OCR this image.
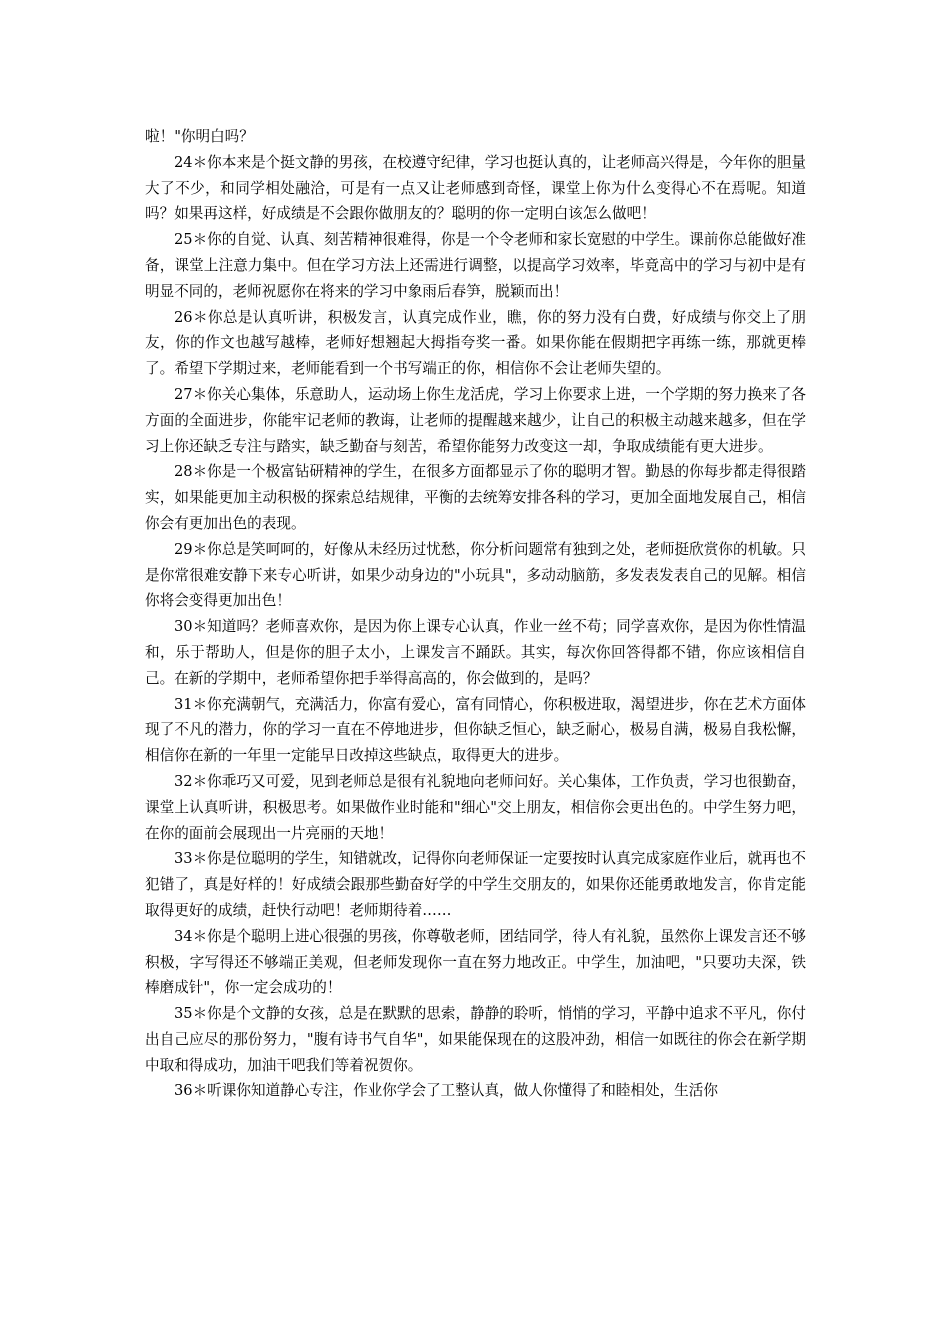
啦！"你明白吗？

24＊你本来是个挺文静的男孩，在校遵守纪律，学习也挺认真的，让老师高兴得是，今年你的胆量大了不少，和同学相处融洽，可是有一点又让老师感到奇怪，课堂上你为什么变得心不在焉呢。知道吗？如果再这样，好成绩是不会跟你做朋友的？聪明的你一定明白该怎么做吧！

25＊你的自觉、认真、刻苦精神很难得，你是一个令老师和家长宽慰的中学生。课前你总能做好准备，课堂上注意力集中。但在学习方法上还需进行调整，以提高学习效率，毕竟高中的学习与初中是有明显不同的，老师祝愿你在将来的学习中象雨后春笋，脱颖而出！

26＊你总是认真听讲，积极发言，认真完成作业，瞧，你的努力没有白费，好成绩与你交上了朋友，你的作文也越写越棒，老师好想翘起大拇指夸奖一番。如果你能在假期把字再练一练，那就更棒了。希望下学期过来，老师能看到一个书写端正的你，相信你不会让老师失望的。

27＊你关心集体，乐意助人，运动场上你生龙活虎，学习上你要求上进，一个学期的努力换来了各方面的全面进步，你能牢记老师的教诲，让老师的提醒越来越少，让自己的积极主动越来越多，但在学习上你还缺乏专注与踏实，缺乏勤奋与刻苦，希望你能努力改变这一却，争取成绩能有更大进步。

28＊你是一个极富钻研精神的学生，在很多方面都显示了你的聪明才智。勤恳的你每步都走得很踏实，如果能更加主动积极的探索总结规律，平衡的去统筹安排各科的学习，更加全面地发展自己，相信你会有更加出色的表现。

29＊你总是笑呵呵的，好像从未经历过忧愁，你分析问题常有独到之处，老师挺欣赏你的机敏。只是你常很难安静下来专心听讲，如果少动身边的"小玩具"，多动动脑筋，多发表发表自己的见解。相信你将会变得更加出色！

30＊知道吗？老师喜欢你，是因为你上课专心认真，作业一丝不苟；同学喜欢你，是因为你性情温和，乐于帮助人，但是你的胆子太小，上课发言不踊跃。其实，每次你回答得都不错，你应该相信自己。在新的学期中，老师希望你把手举得高高的，你会做到的，是吗？

31＊你充满朝气，充满活力，你富有爱心，富有同情心，你积极进取，渴望进步，你在艺术方面体现了不凡的潜力，你的学习一直在不停地进步，但你缺乏恒心，缺乏耐心，极易自满，极易自我松懈，相信你在新的一年里一定能早日改掉这些缺点，取得更大的进步。

32＊你乖巧又可爱，见到老师总是很有礼貌地向老师问好。关心集体，工作负责，学习也很勤奋，课堂上认真听讲，积极思考。如果做作业时能和"细心"交上朋友，相信你会更出色的。中学生努力吧，在你的面前会展现出一片亮丽的天地！

33＊你是位聪明的学生，知错就改，记得你向老师保证一定要按时认真完成家庭作业后，就再也不犯错了，真是好样的！好成绩会跟那些勤奋好学的中学生交朋友的，如果你还能勇敢地发言，你肯定能取得更好的成绩，赶快行动吧！老师期待着……

34＊你是个聪明上进心很强的男孩，你尊敬老师，团结同学，待人有礼貌，虽然你上课发言还不够积极，字写得还不够端正美观，但老师发现你一直在努力地改正。中学生，加油吧，"只要功夫深，铁棒磨成针"，你一定会成功的！

35＊你是个文静的女孩，总是在默默的思索，静静的聆听，悄悄的学习，平静中追求不平凡，你付出自己应尽的那份努力，"腹有诗书气自华"，如果能保现在的这股冲劲，相信一如既往的你会在新学期中取和得成功，加油干吧我们等着祝贺你。

36＊听课你知道静心专注，作业你学会了工整认真，做人你懂得了和睦相处，生活你
